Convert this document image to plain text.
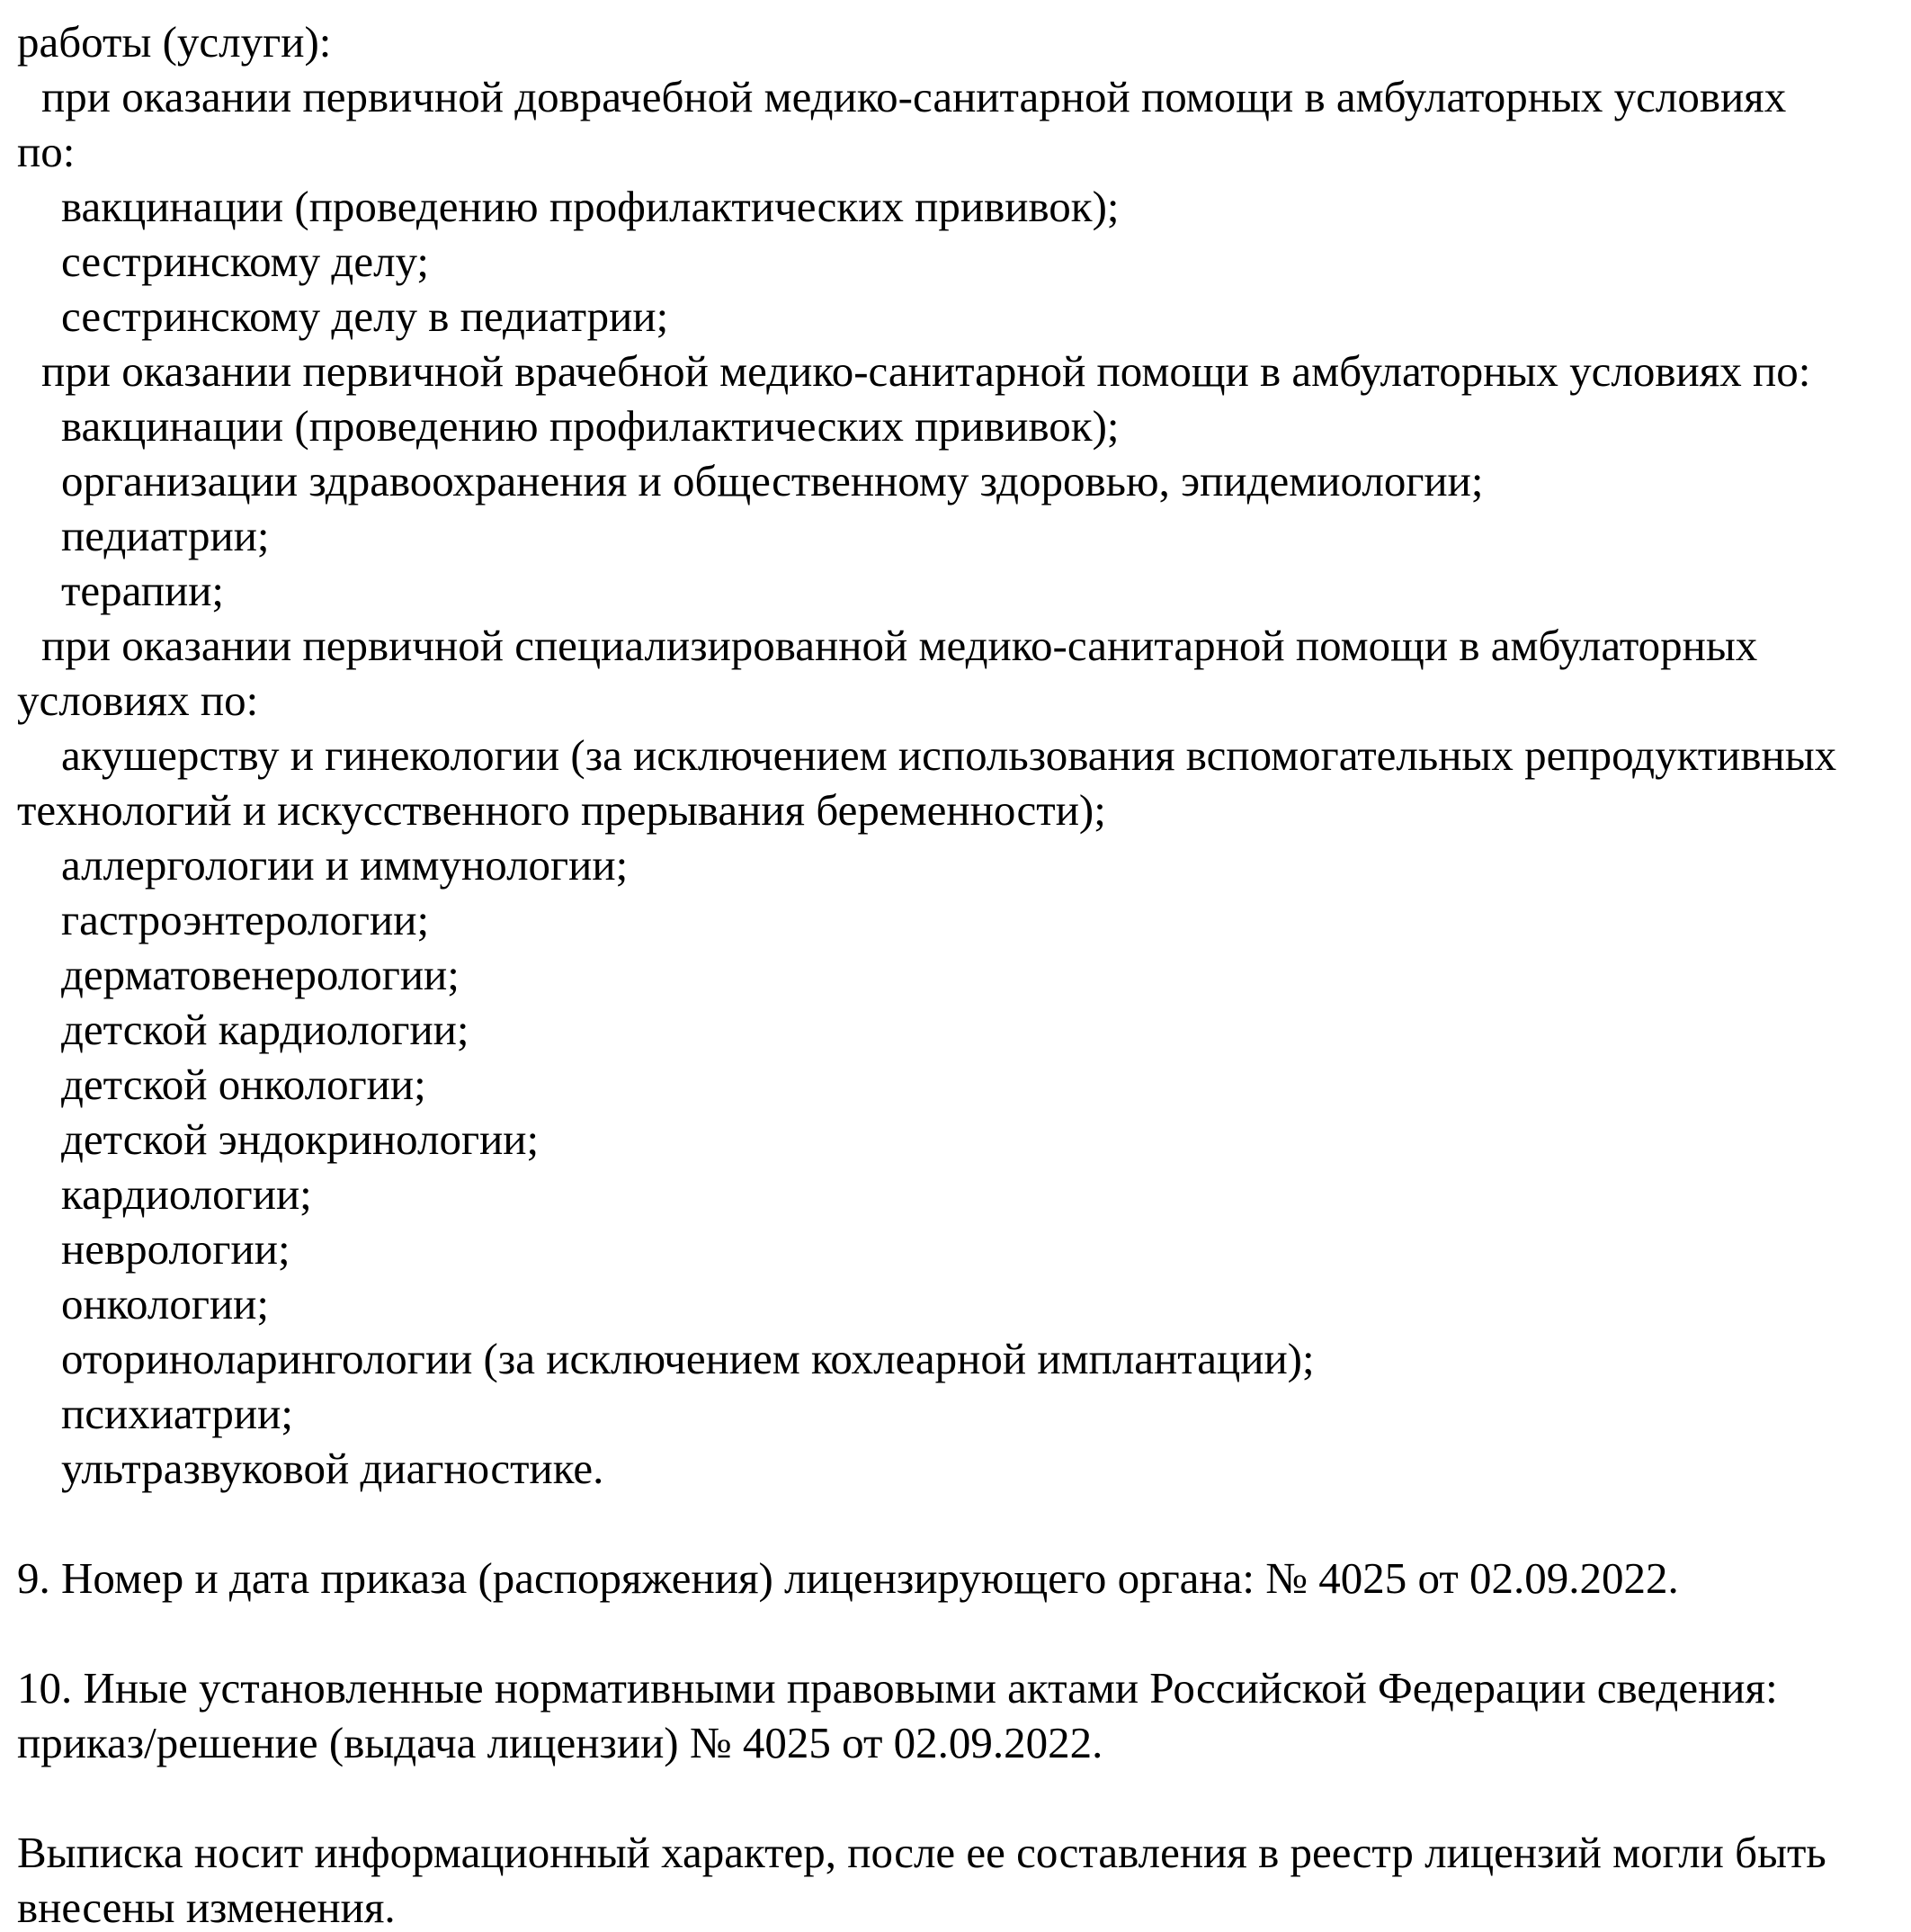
работы (услуги):
при оказании первичной доврачебной медико-санитарной помощи в амбулаторных условиях
по:
вакцинации (проведению профилактических прививок);
сестринскому делу;
сестринскому делу в педиатрии;
при оказании первичной врачебной медико-санитарной помощи в амбулаторных условиях по:
вакцинации (проведению профилактических прививок);
организации здравоохранения и общественному здоровью, эпидемиологии;
педиатрии;
терапии;
при оказании первичной специализированной медико-санитарной помощи в амбулаторных
условиях по:
акушерству и гинекологии (за исключением использования вспомогательных репродуктивных
технологий и искусственного прерывания беременности);
аллергологии и иммунологии;
гастроэнтерологии;
дерматовенерологии;
детской кардиологии;
детской онкологии;
детской эндокринологии;
кардиологии;
неврологии;
онкологии;
оториноларингологии (за исключением кохлеарной имплантации);
психиатрии;
ультразвуковой диагностике.
9. Номер и дата приказа (распоряжения) лицензирующего органа: № 4025 от 02.09.2022.
10. Иные установленные нормативными правовыми актами Российской Федерации сведения:
приказ/решение (выдача лицензии) № 4025 от 02.09.2022.
Выписка носит информационный характер, после ее составления в реестр лицензий могли быть
внесены изменения.
